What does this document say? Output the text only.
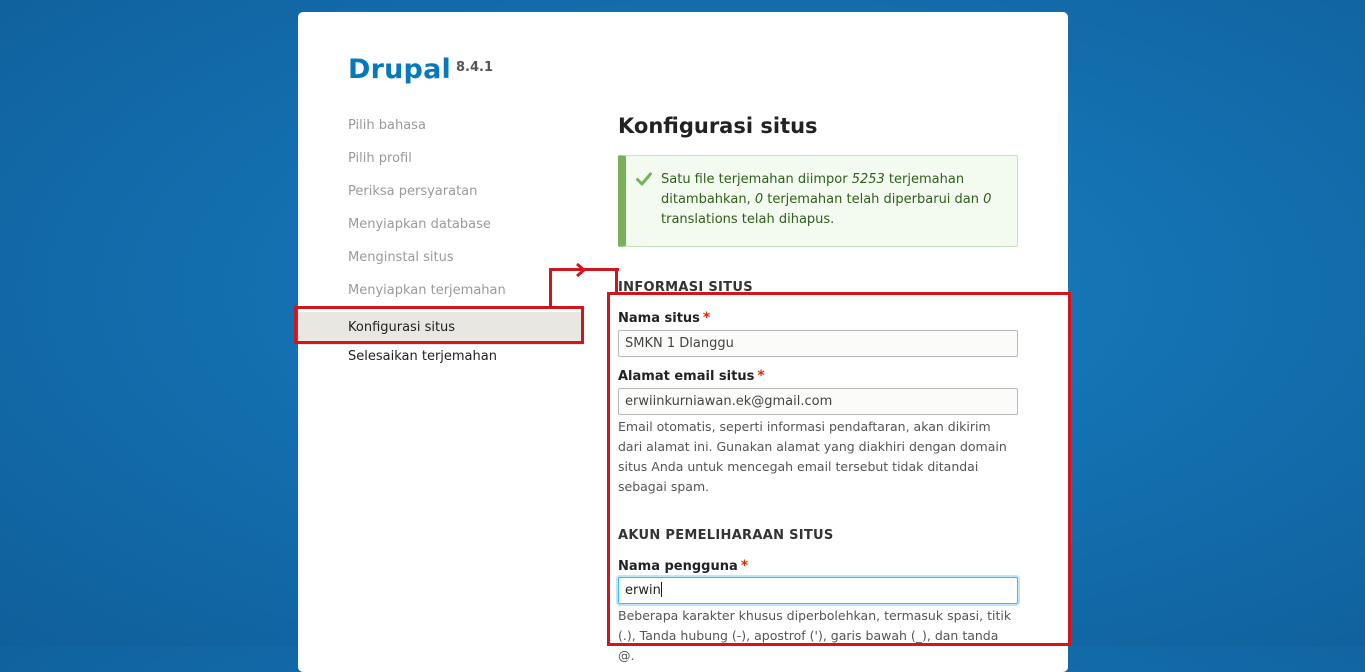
Drupal 8.4.1
Pilih bahasa
Pilih profil
Periksa persyaratan
Menyiapkan database
Menginstal situs
Menyiapkan terjemahan
Konfigurasi situs
Selesaikan terjemahan
Konfigurasi situs
Satu file terjemahan diimpor 5253 terjemahan ditambahkan, 0 terjemahan telah diperbarui dan 0 translations telah dihapus.
INFORMASI SITUS
Nama situs *
SMKN 1 Dlanggu
Alamat email situs *
erwiinkurniawan.ek@gmail.com
Email otomatis, seperti informasi pendaftaran, akan dikirim dari alamat ini. Gunakan alamat yang diakhiri dengan domain situs Anda untuk mencegah email tersebut tidak ditandai sebagai spam.
AKUN PEMELIHARAAN SITUS
Nama pengguna *
erwin
Beberapa karakter khusus diperbolehkan, termasuk spasi, titik (.), Tanda hubung (-), apostrof ('), garis bawah (_), dan tanda @.
